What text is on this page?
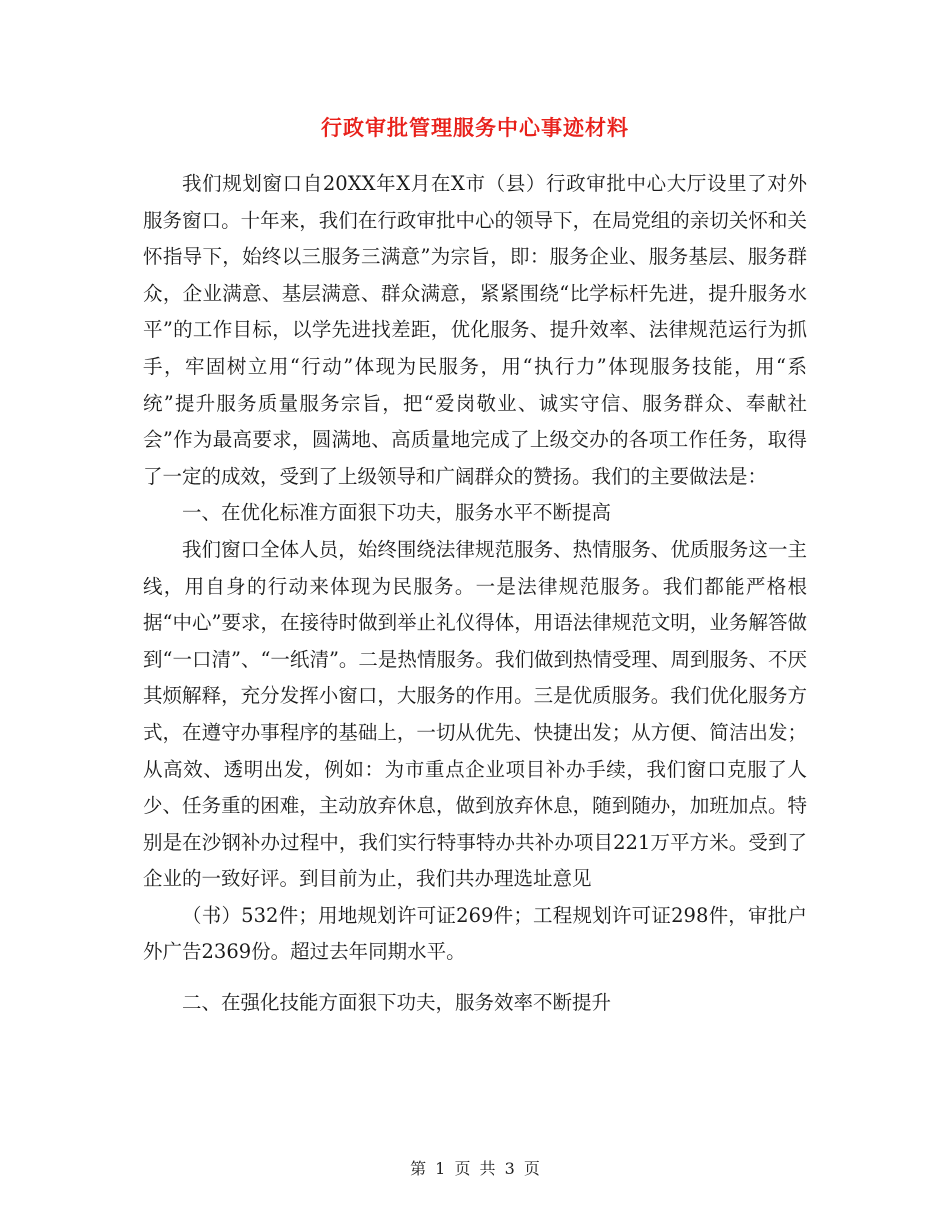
行政审批管理服务中心事迹材料

我们规划窗口自20XX年X月在X市（县）行政审批中心大厅设里了对外服务窗口。十年来，我们在行政审批中心的领导下，在局党组的亲切关怀和关怀指导下，始终以三服务三满意”为宗旨，即：服务企业、服务基层、服务群众，企业满意、基层满意、群众满意，紧紧围绕“比学标杆先进，提升服务水平”的工作目标，以学先进找差距，优化服务、提升效率、法律规范运行为抓手，牢固树立用“行动”体现为民服务，用“执行力”体现服务技能，用“系统”提升服务质量服务宗旨，把“爱岗敬业、诚实守信、服务群众、奉献社会”作为最高要求，圆满地、高质量地完成了上级交办的各项工作任务，取得了一定的成效，受到了上级领导和广阔群众的赞扬。我们的主要做法是：

一、在优化标准方面狠下功夫，服务水平不断提高

我们窗口全体人员，始终围绕法律规范服务、热情服务、优质服务这一主线，用自身的行动来体现为民服务。一是法律规范服务。我们都能严格根据“中心”要求，在接待时做到举止礼仪得体，用语法律规范文明，业务解答做到“一口清”、“一纸清”。二是热情服务。我们做到热情受理、周到服务、不厌其烦解释，充分发挥小窗口，大服务的作用。三是优质服务。我们优化服务方式，在遵守办事程序的基础上，一切从优先、快捷出发；从方便、简洁出发；从高效、透明出发，例如：为市重点企业项目补办手续，我们窗口克服了人少、任务重的困难，主动放弃休息，做到放弃休息，随到随办，加班加点。特别是在沙钢补办过程中，我们实行特事特办共补办项目221万平方米。受到了企业的一致好评。到目前为止，我们共办理选址意见

（书）532件；用地规划许可证269件；工程规划许可证298件，审批户外广告2369份。超过去年同期水平。

二、在强化技能方面狠下功夫，服务效率不断提升

第 1 页 共 3 页
